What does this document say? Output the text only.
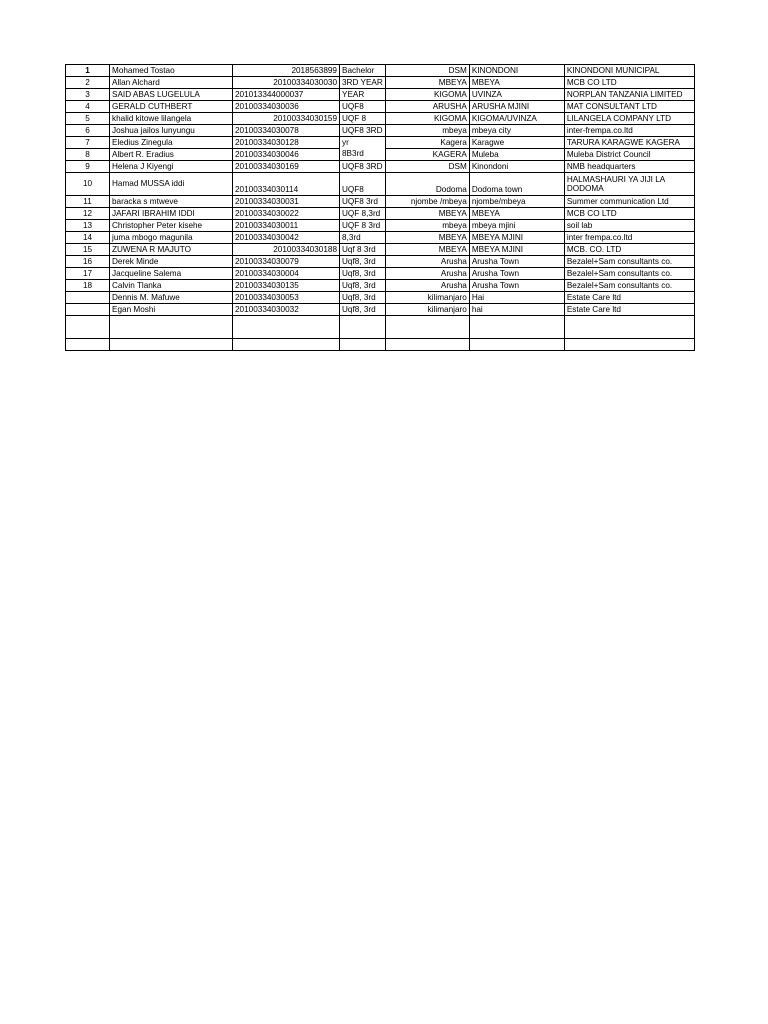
1	Mohamed Tostao	2018563899	Bachelor	DSM	KINONDONI	KINONDONI MUNICIPAL
2	Allan Alchard	20100334030030	3RD YEAR	MBEYA	MBEYA	MCB CO LTD
3	SAID ABAS LUGELULA	201013344000037	YEAR	KIGOMA	UVINZA	NORPLAN TANZANIA LIMITED
4	GERALD CUTHBERT	20100334030036	UQF8	ARUSHA	ARUSHA MJINI	MAT CONSULTANT LTD
5	khalid kitowe lilangela	20100334030159	UQF 8	KIGOMA	KIGOMA/UVINZA	LILANGELA COMPANY LTD
6	Joshua jailos lunyungu	20100334030078	UQF8 3RD	mbeya	mbeya city	inter-frempa.co.ltd
7	Eledius Zinegula	20100334030128	yr	Kagera	Karagwe	TARURA KARAGWE KAGERA
8	Albert R. Eradius	20100334030046	8B3rd	KAGERA	Muleba	Muleba District Council
9	Helena J Kiyengi	20100334030169	UQF8 3RD	DSM	Kinondoni	NMB headquarters
10	Hamad MUSSA iddi	20100334030114	UQF8	Dodoma	Dodoma town	HALMASHAURI YA JIJI LA DODOMA
11	baracka s mtweve	20100334030031	UQF8 3rd	njombe /mbeya	njombe/mbeya	Summer communication Ltd
12	JAFARI IBRAHIM IDDI	20100334030022	UQF 8,3rd	MBEYA	MBEYA	MCB CO LTD
13	Christopher Peter kisehe	20100334030011	UQF 8 3rd	mbeya	mbeya mjini	soil lab
14	juma mbogo magunila	20100334030042	8,3rd	MBEYA	MBEYA MJINI	inter frempa.co.ltd
15	ZUWENA R MAJUTO	20100334030188	Uqf 8 3rd	MBEYA	MBEYA MJINI	MCB. CO. LTD
16	Derek Minde	20100334030079	Uqf8, 3rd	Arusha	Arusha Town	Bezalel+Sam consultants co.
17	Jacqueline Salema	20100334030004	Uqf8, 3rd	Arusha	Arusha Town	Bezalel+Sam consultants co.
18	Calvin Tlanka	20100334030135	Uqf8, 3rd	Arusha	Arusha Town	Bezalel+Sam consultants co.
	Dennis M. Mafuwe	20100334030053	Uqf8, 3rd	kilimanjaro	Hai	Estate Care ltd
	Egan Moshi	20100334030032	Uqf8, 3rd	kilimanjaro	hai	Estate Care ltd
